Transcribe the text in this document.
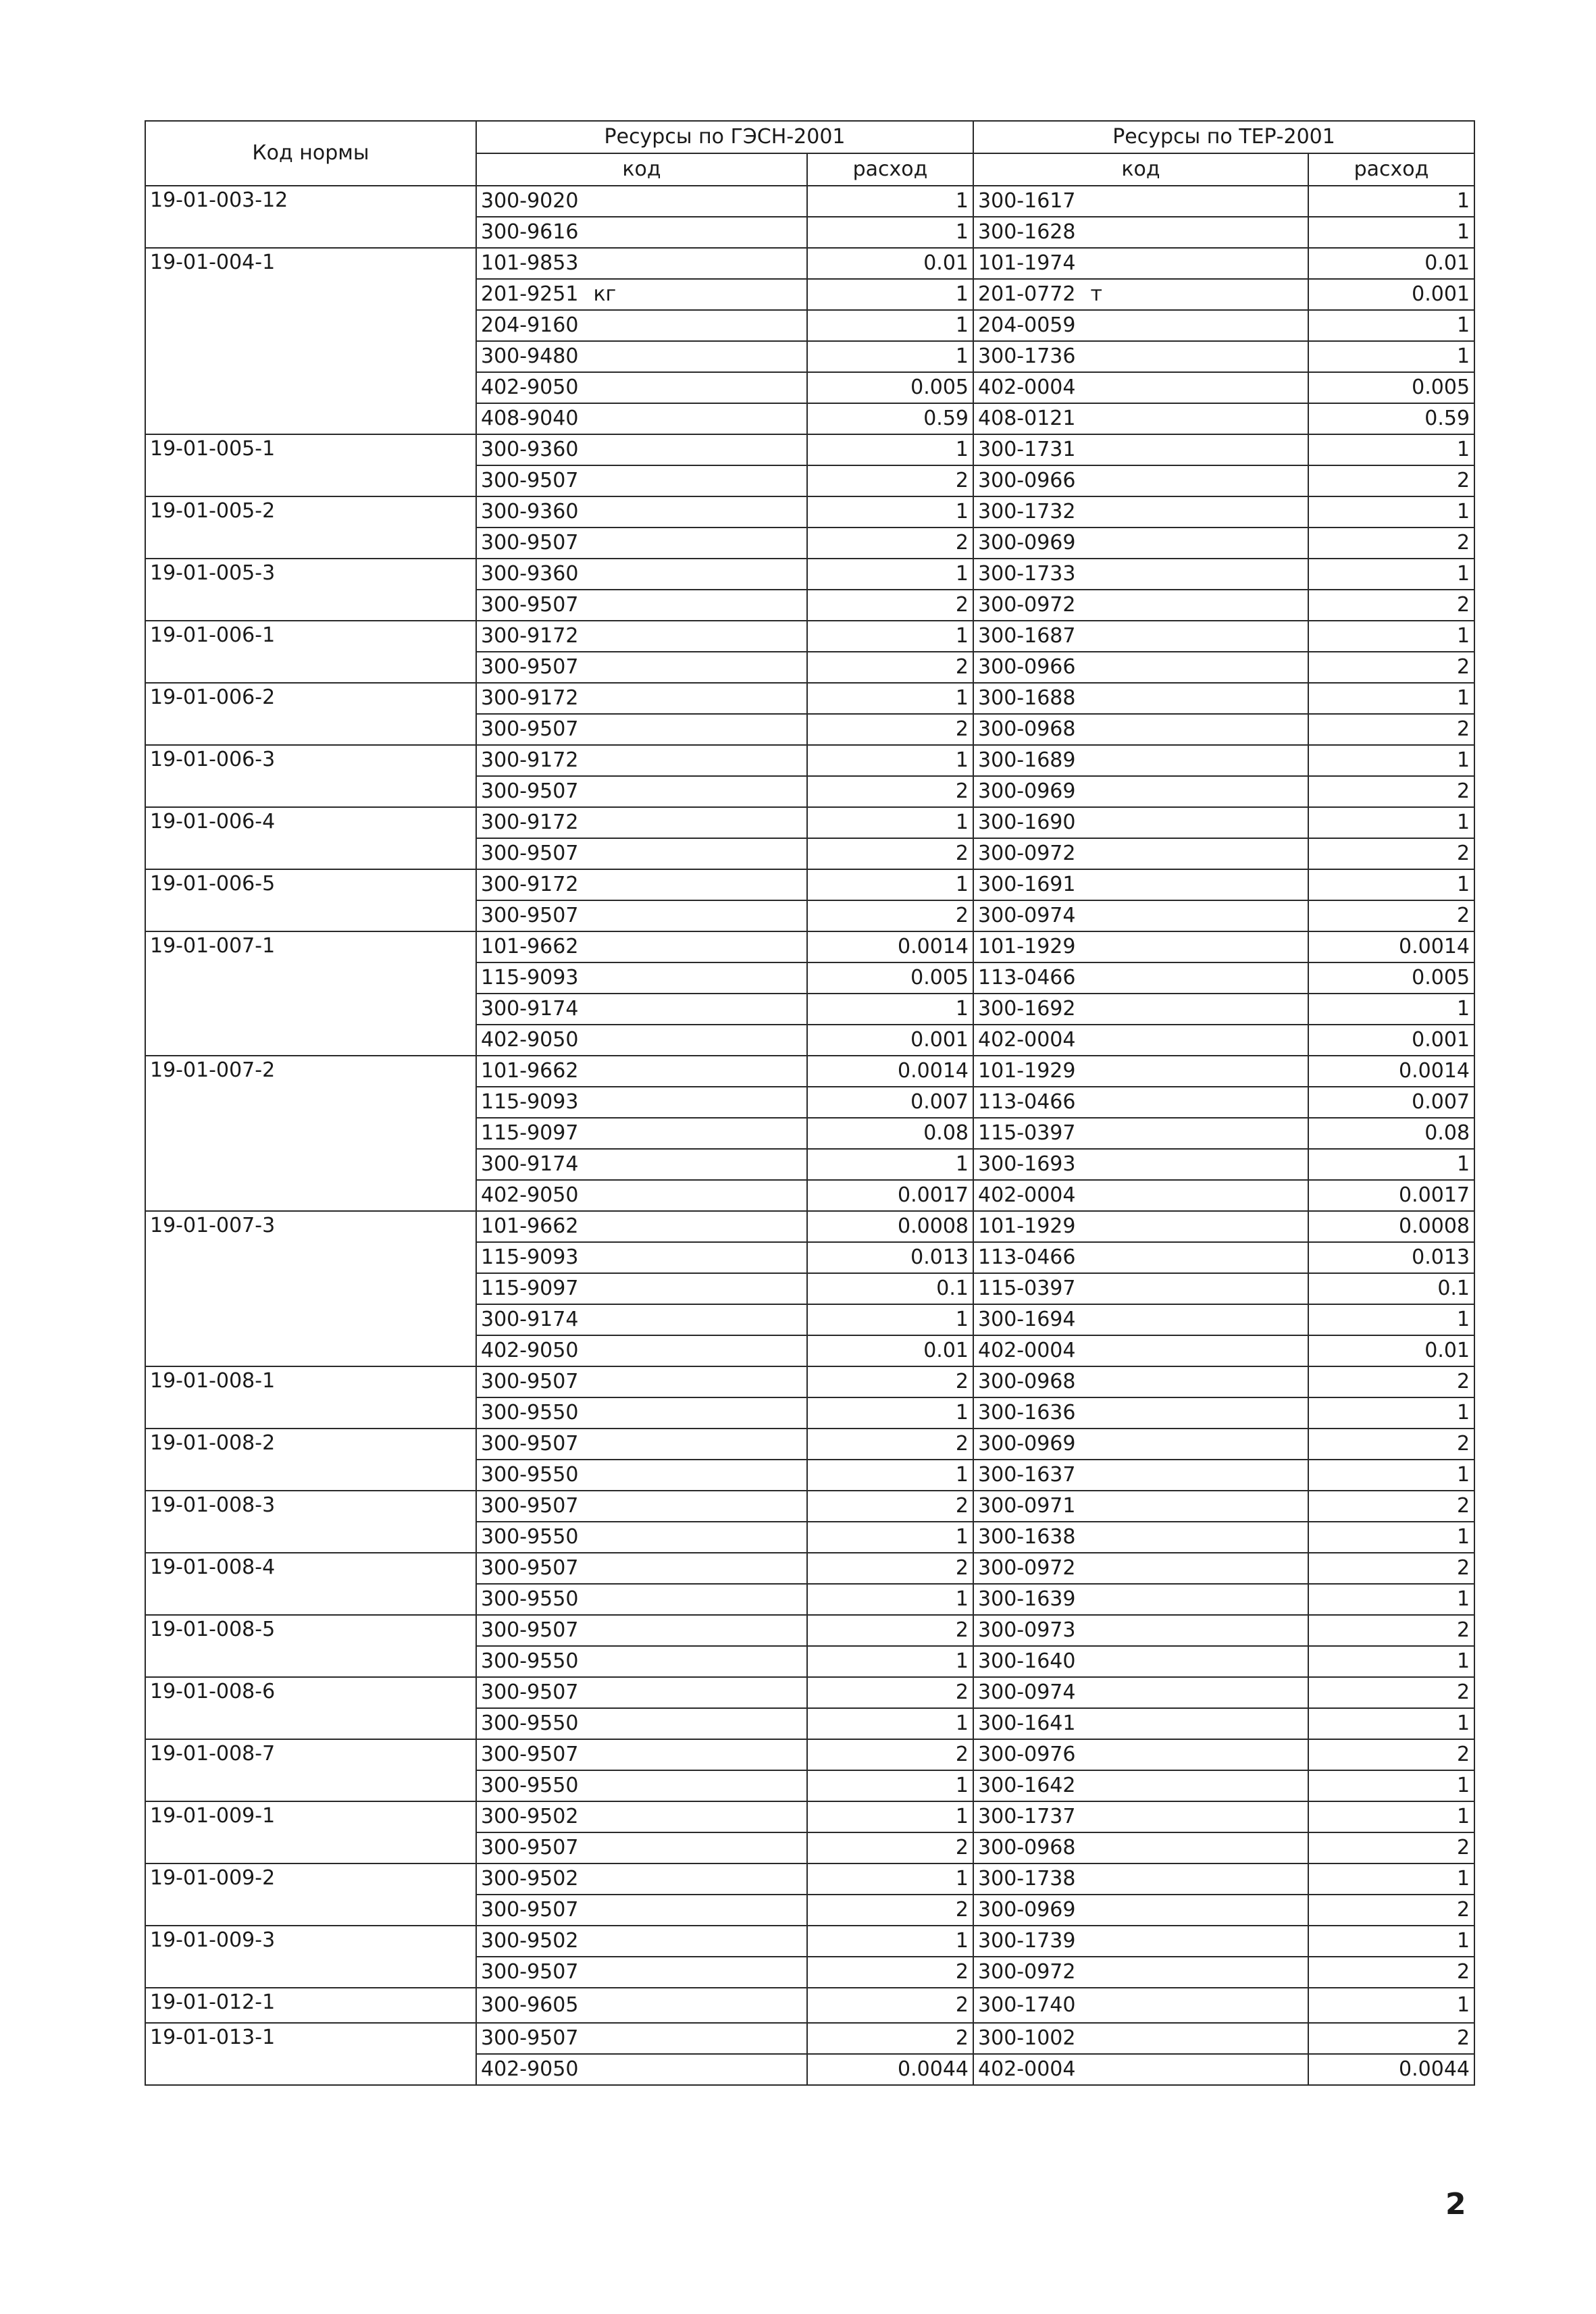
Код нормы	Ресурсы по ГЭСН-2001		Ресурсы по ТЕР-2001	
	код	расход	код	расход
19-01-003-12	300-9020	1	300-1617	1
	300-9616	1	300-1628	1
19-01-004-1	101-9853	0.01	101-1974	0.01
	201-9251 кг	1	201-0772 т	0.001
	204-9160	1	204-0059	1
	300-9480	1	300-1736	1
	402-9050	0.005	402-0004	0.005
	408-9040	0.59	408-0121	0.59
19-01-005-1	300-9360	1	300-1731	1
	300-9507	2	300-0966	2
19-01-005-2	300-9360	1	300-1732	1
	300-9507	2	300-0969	2
19-01-005-3	300-9360	1	300-1733	1
	300-9507	2	300-0972	2
19-01-006-1	300-9172	1	300-1687	1
	300-9507	2	300-0966	2
19-01-006-2	300-9172	1	300-1688	1
	300-9507	2	300-0968	2
19-01-006-3	300-9172	1	300-1689	1
	300-9507	2	300-0969	2
19-01-006-4	300-9172	1	300-1690	1
	300-9507	2	300-0972	2
19-01-006-5	300-9172	1	300-1691	1
	300-9507	2	300-0974	2
19-01-007-1	101-9662	0.0014	101-1929	0.0014
	115-9093	0.005	113-0466	0.005
	300-9174	1	300-1692	1
	402-9050	0.001	402-0004	0.001
19-01-007-2	101-9662	0.0014	101-1929	0.0014
	115-9093	0.007	113-0466	0.007
	115-9097	0.08	115-0397	0.08
	300-9174	1	300-1693	1
	402-9050	0.0017	402-0004	0.0017
19-01-007-3	101-9662	0.0008	101-1929	0.0008
	115-9093	0.013	113-0466	0.013
	115-9097	0.1	115-0397	0.1
	300-9174	1	300-1694	1
	402-9050	0.01	402-0004	0.01
19-01-008-1	300-9507	2	300-0968	2
	300-9550	1	300-1636	1
19-01-008-2	300-9507	2	300-0969	2
	300-9550	1	300-1637	1
19-01-008-3	300-9507	2	300-0971	2
	300-9550	1	300-1638	1
19-01-008-4	300-9507	2	300-0972	2
	300-9550	1	300-1639	1
19-01-008-5	300-9507	2	300-0973	2
	300-9550	1	300-1640	1
19-01-008-6	300-9507	2	300-0974	2
	300-9550	1	300-1641	1
19-01-008-7	300-9507	2	300-0976	2
	300-9550	1	300-1642	1
19-01-009-1	300-9502	1	300-1737	1
	300-9507	2	300-0968	2
19-01-009-2	300-9502	1	300-1738	1
	300-9507	2	300-0969	2
19-01-009-3	300-9502	1	300-1739	1
	300-9507	2	300-0972	2
19-01-012-1	300-9605	2	300-1740	1
19-01-013-1	300-9507	2	300-1002	2
	402-9050	0.0044	402-0004	0.0044
2
